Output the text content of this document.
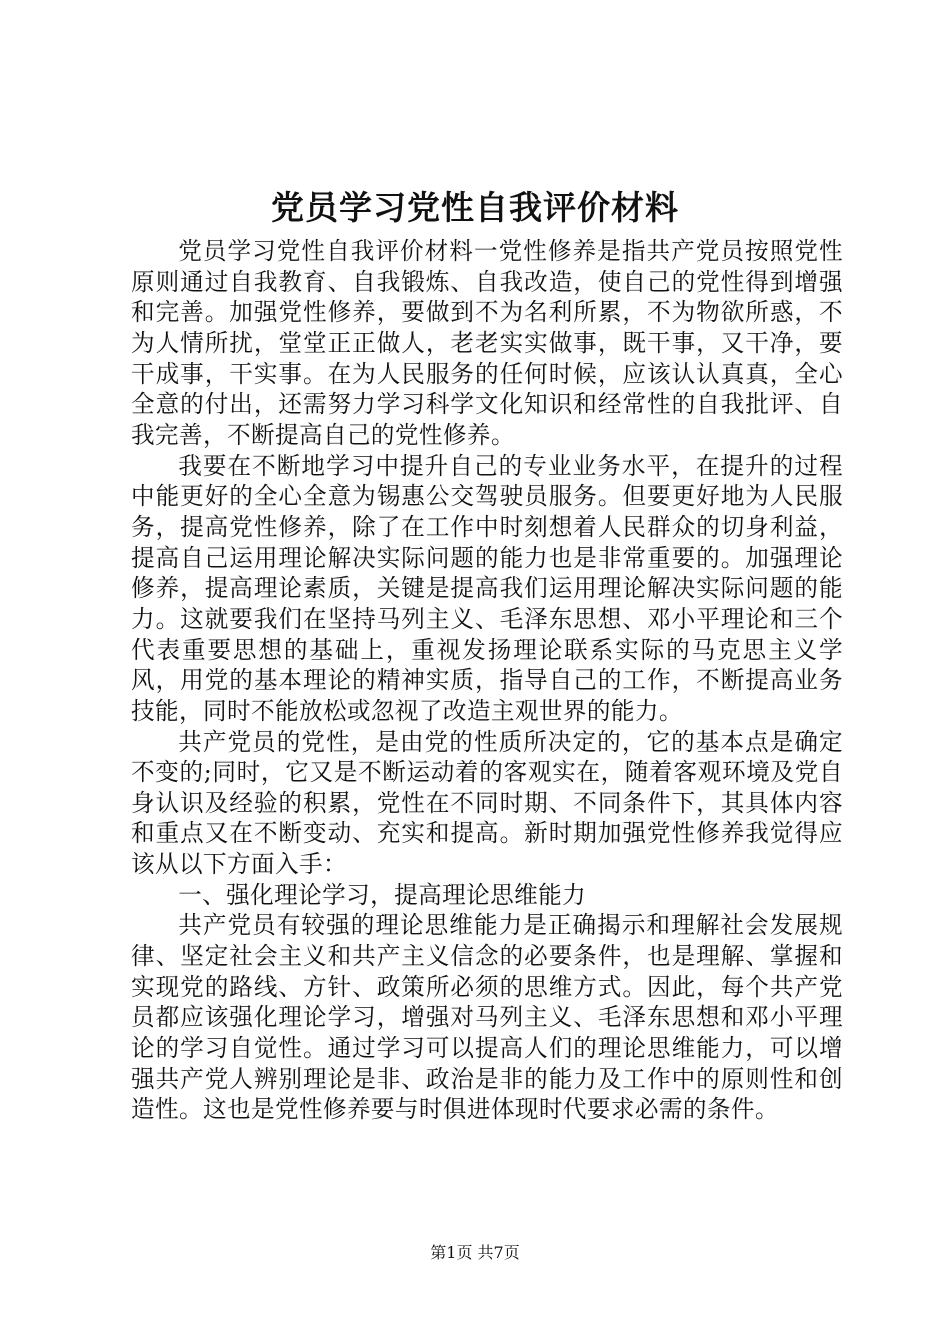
党员学习党性自我评价材料

党员学习党性自我评价材料一党性修养是指共产党员按照党性原则通过自我教育、自我锻炼、自我改造，使自己的党性得到增强和完善。加强党性修养，要做到不为名利所累，不为物欲所惑，不为人情所扰，堂堂正正做人，老老实实做事，既干事，又干净，要干成事，干实事。在为人民服务的任何时候，应该认认真真，全心全意的付出，还需努力学习科学文化知识和经常性的自我批评、自我完善，不断提高自己的党性修养。

我要在不断地学习中提升自己的专业业务水平，在提升的过程中能更好的全心全意为锡惠公交驾驶员服务。但要更好地为人民服务，提高党性修养，除了在工作中时刻想着人民群众的切身利益，提高自己运用理论解决实际问题的能力也是非常重要的。加强理论修养，提高理论素质，关键是提高我们运用理论解决实际问题的能力。这就要我们在坚持马列主义、毛泽东思想、邓小平理论和三个代表重要思想的基础上，重视发扬理论联系实际的马克思主义学风，用党的基本理论的精神实质，指导自己的工作，不断提高业务技能，同时不能放松或忽视了改造主观世界的能力。

共产党员的党性，是由党的性质所决定的，它的基本点是确定不变的;同时，它又是不断运动着的客观实在，随着客观环境及党自身认识及经验的积累，党性在不同时期、不同条件下，其具体内容和重点又在不断变动、充实和提高。新时期加强党性修养我觉得应该从以下方面入手：

一、强化理论学习，提高理论思维能力

共产党员有较强的理论思维能力是正确揭示和理解社会发展规律、坚定社会主义和共产主义信念的必要条件，也是理解、掌握和实现党的路线、方针、政策所必须的思维方式。因此，每个共产党员都应该强化理论学习，增强对马列主义、毛泽东思想和邓小平理论的学习自觉性。通过学习可以提高人们的理论思维能力，可以增强共产党人辨别理论是非、政治是非的能力及工作中的原则性和创造性。这也是党性修养要与时俱进体现时代要求必需的条件。

第1页 共7页
